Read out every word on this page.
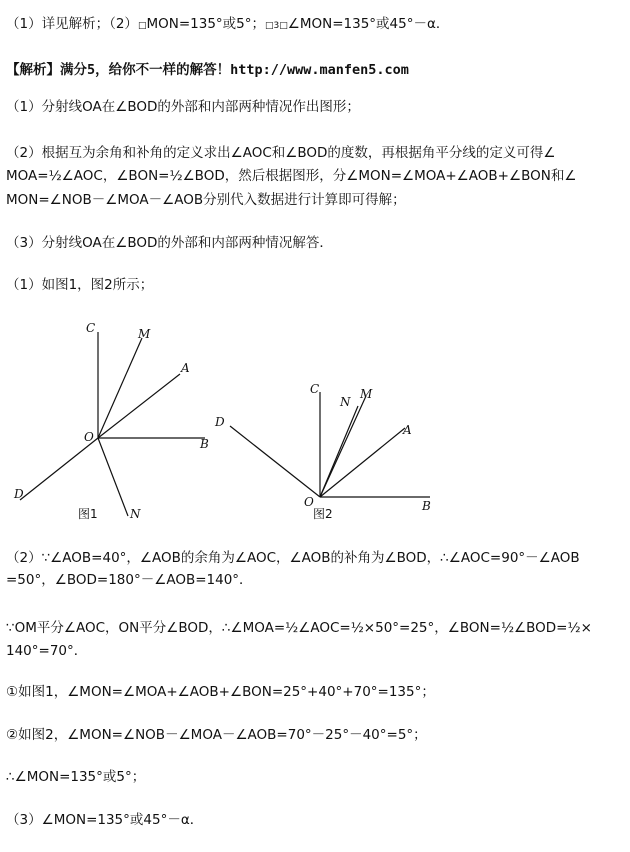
（1）详见解析；（2）□MON=135°或5°；□3□∠MON=135°或45°－α．
【解析】满分5，给你不一样的解答！http://www.manfen5.com
（1）分射线OA在∠BOD的外部和内部两种情况作出图形；
（2）根据互为余角和补角的定义求出∠AOC和∠BOD的度数，再根据角平分线的定义可得∠
MOA=½∠AOC，∠BON=½∠BOD，然后根据图形，分∠MON=∠MOA+∠AOB+∠BON和∠
MON=∠NOB－∠MOA－∠AOB分别代入数据进行计算即可得解；
（3）分射线OA在∠BOD的外部和内部两种情况解答．
（1）如图1，图2所示；
C	M
A
O	B
D
N
图1
C
N
M
A
D
O	B
图2
（2）∵∠AOB=40°，∠AOB的余角为∠AOC，∠AOB的补角为∠BOD，∴∠AOC=90°－∠AOB
=50°，∠BOD=180°－∠AOB=140°．
∵OM平分∠AOC，ON平分∠BOD，∴∠MOA=½∠AOC=½×50°=25°，∠BON=½∠BOD=½×
140°=70°．
①如图1，∠MON=∠MOA+∠AOB+∠BON=25°+40°+70°=135°；
②如图2，∠MON=∠NOB－∠MOA－∠AOB=70°－25°－40°=5°；
∴∠MON=135°或5°；
（3）∠MON=135°或45°－α．
